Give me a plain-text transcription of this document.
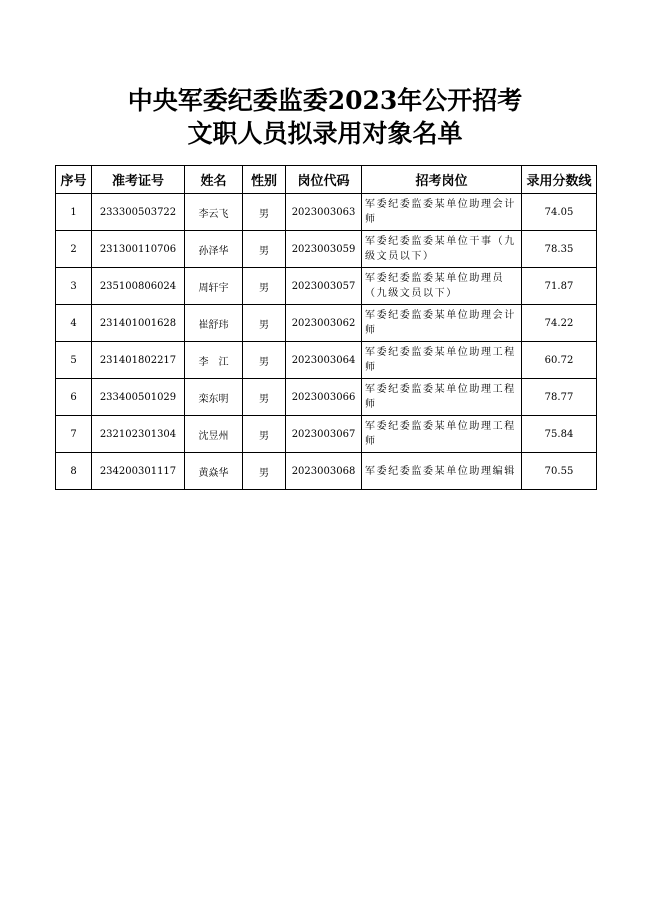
中央军委纪委监委2023年公开招考
文职人员拟录用对象名单
序号	准考证号	姓名	性别	岗位代码	招考岗位	录用分数线
1	233300503722	李云飞	男	2023003063	军委纪委监委某单位助理会计师	74.05
2	231300110706	孙泽华	男	2023003059	军委纪委监委某单位干事（九级文员以下）	78.35
3	235100806024	周轩宇	男	2023003057	军委纪委监委某单位助理员（九级文员以下）	71.87
4	231401001628	崔舒玮	男	2023003062	军委纪委监委某单位助理会计师	74.22
5	231401802217	李　江	男	2023003064	军委纪委监委某单位助理工程师	60.72
6	233400501029	栾东明	男	2023003066	军委纪委监委某单位助理工程师	78.77
7	232102301304	沈昱州	男	2023003067	军委纪委监委某单位助理工程师	75.84
8	234200301117	黄焱华	男	2023003068	军委纪委监委某单位助理编辑	70.55
